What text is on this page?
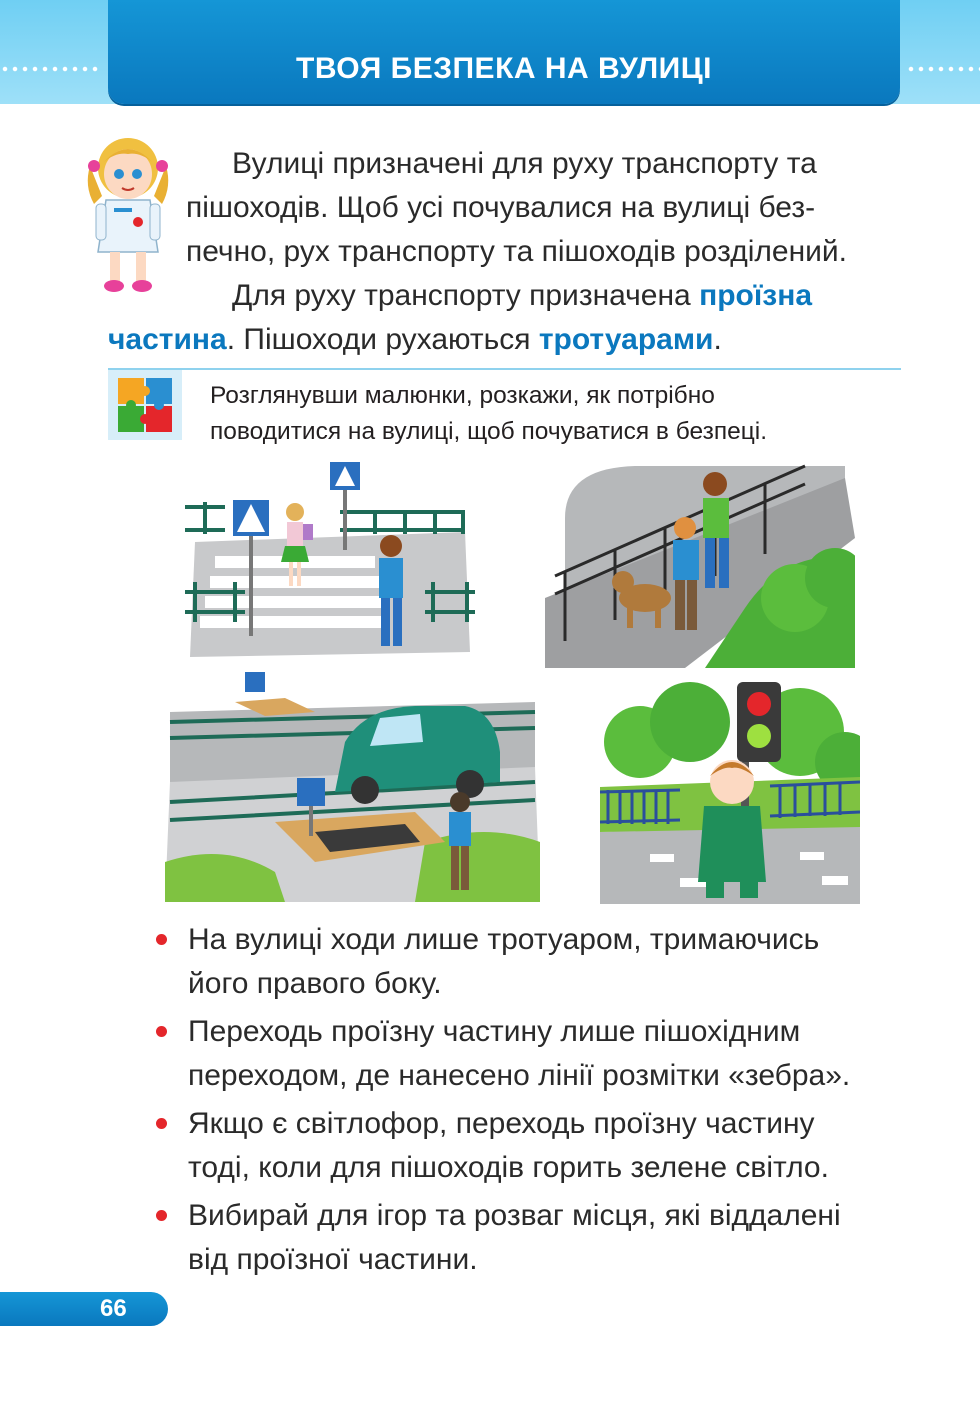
ТВОЯ БЕЗПЕКА НА ВУЛИЦІ
Вулиці призначені для руху транспорту та
пішоходів. Щоб усі почувалися на вулиці без-
печно, рух транспорту та пішоходів розділений.
Для руху транспорту призначена проїзна
частина. Пішоходи рухаються тротуарами.
Розглянувши малюнки, розкажи, як потрібно
поводитися на вулиці, щоб почуватися в безпеці.
На вулиці ходи лише тротуаром, тримаючись
його правого боку.
Переходь проїзну частину лише пішохідним
переходом, де нанесено лінії розмітки «зебра».
Якщо є світлофор, переходь проїзну частину
тоді, коли для пішоходів горить зелене світло.
Вибирай для ігор та розваг місця, які віддалені
від проїзної частини.
66
